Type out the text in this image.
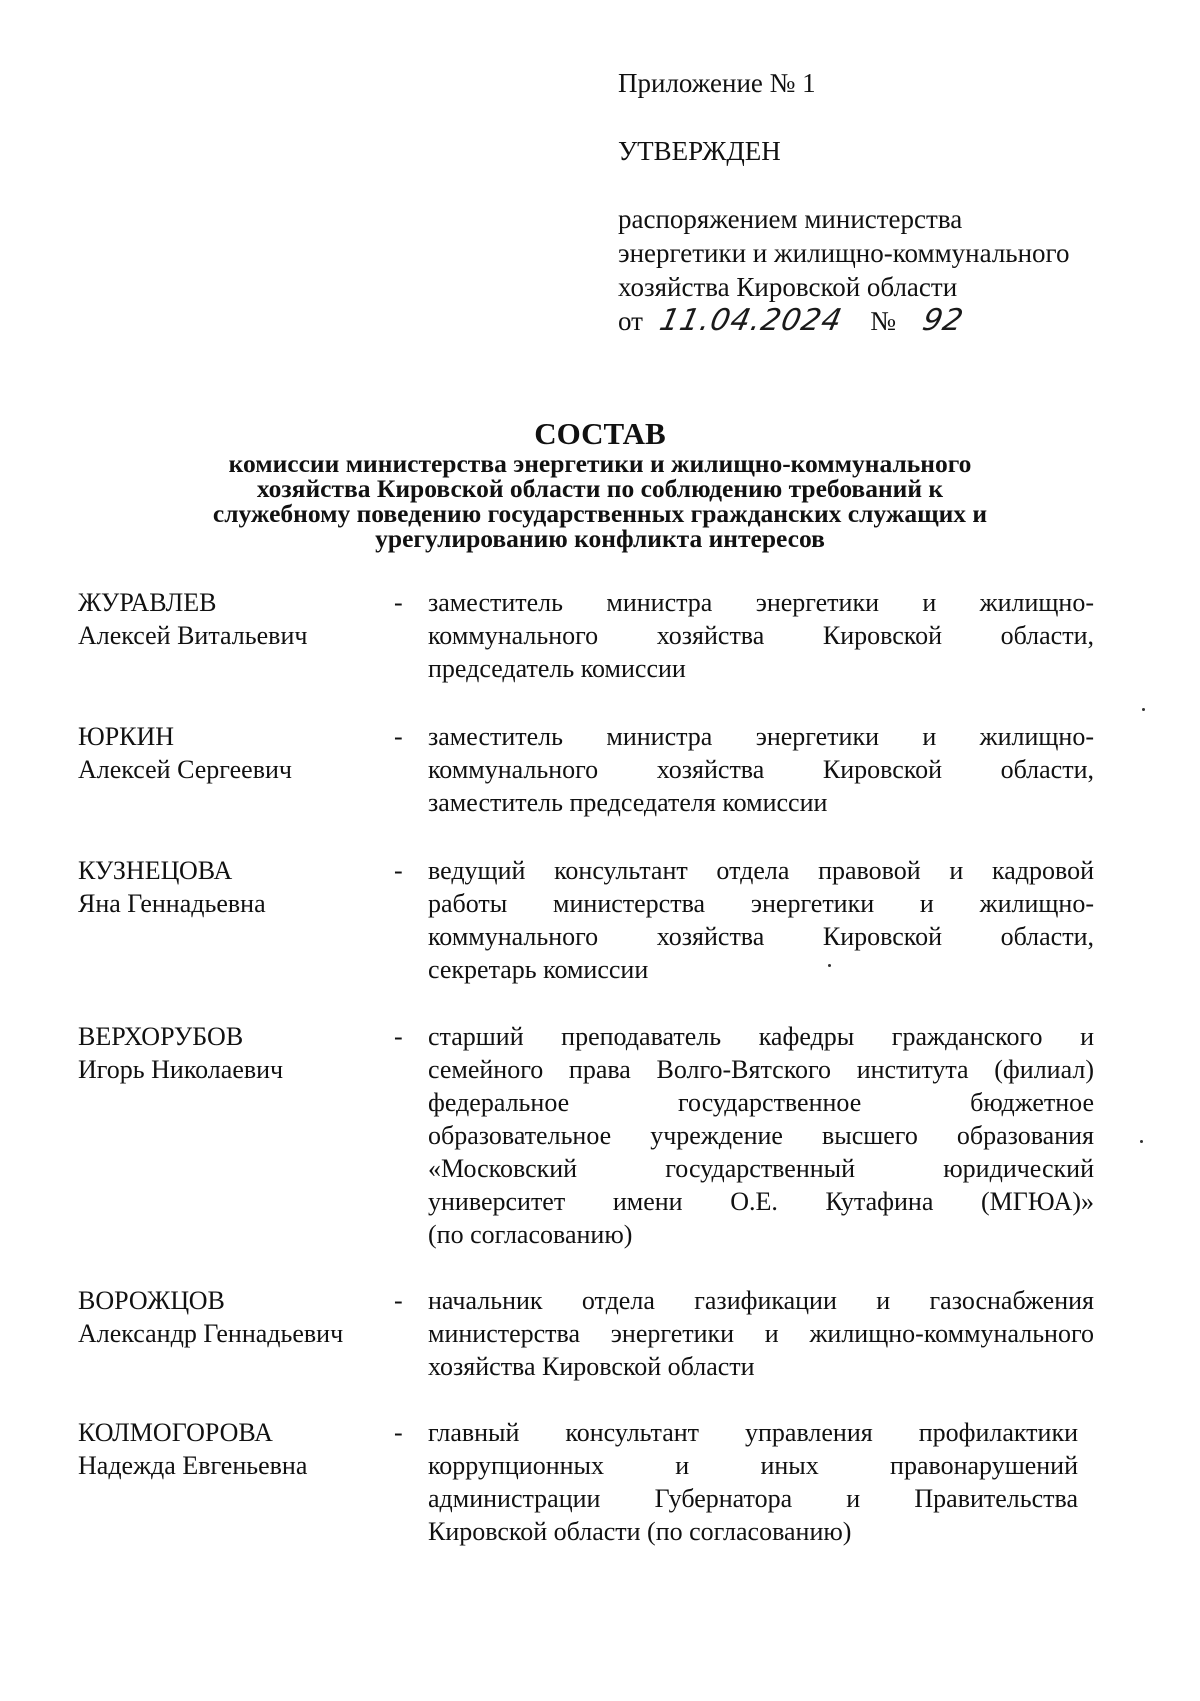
Приложение № 1

УТВЕРЖДЕН

распоряжением министерства
энергетики и жилищно-коммунального
хозяйства Кировской области
от 11.04.2024 № 92

СОСТАВ

комиссии министерства энергетики и жилищно-коммунального

хозяйства Кировской области по соблюдению требований к

служебному поведению государственных гражданских служащих и

урегулированию конфликта интересов

ЖУРАВЛЕВ
Алексей Витальевич
- заместитель министра энергетики и жилищно-
коммунального хозяйства Кировской области,
председатель комиссии
ЮРКИН
Алексей Сергеевич
- заместитель министра энергетики и жилищно-
коммунального хозяйства Кировской области,
заместитель председателя комиссии
КУЗНЕЦОВА
Яна Геннадьевна
- ведущий консультант отдела правовой и кадровой
работы министерства энергетики и жилищно-
коммунального хозяйства Кировской области,
секретарь комиссии
ВЕРХОРУБОВ
Игорь Николаевич
- старший преподаватель кафедры гражданского и
семейного права Волго-Вятского института (филиал)
федеральное государственное бюджетное
образовательное учреждение высшего образования
«Московский государственный юридический
университет имени О.Е. Кутафина (МГЮА)»
(по согласованию)
ВОРОЖЦОВ
Александр Геннадьевич
- начальник отдела газификации и газоснабжения
министерства энергетики и жилищно-коммунального
хозяйства Кировской области
КОЛМОГОРОВА
Надежда Евгеньевна
- главный консультант управления профилактики
коррупционных и иных правонарушений
администрации Губернатора и Правительства
Кировской области (по согласованию)
